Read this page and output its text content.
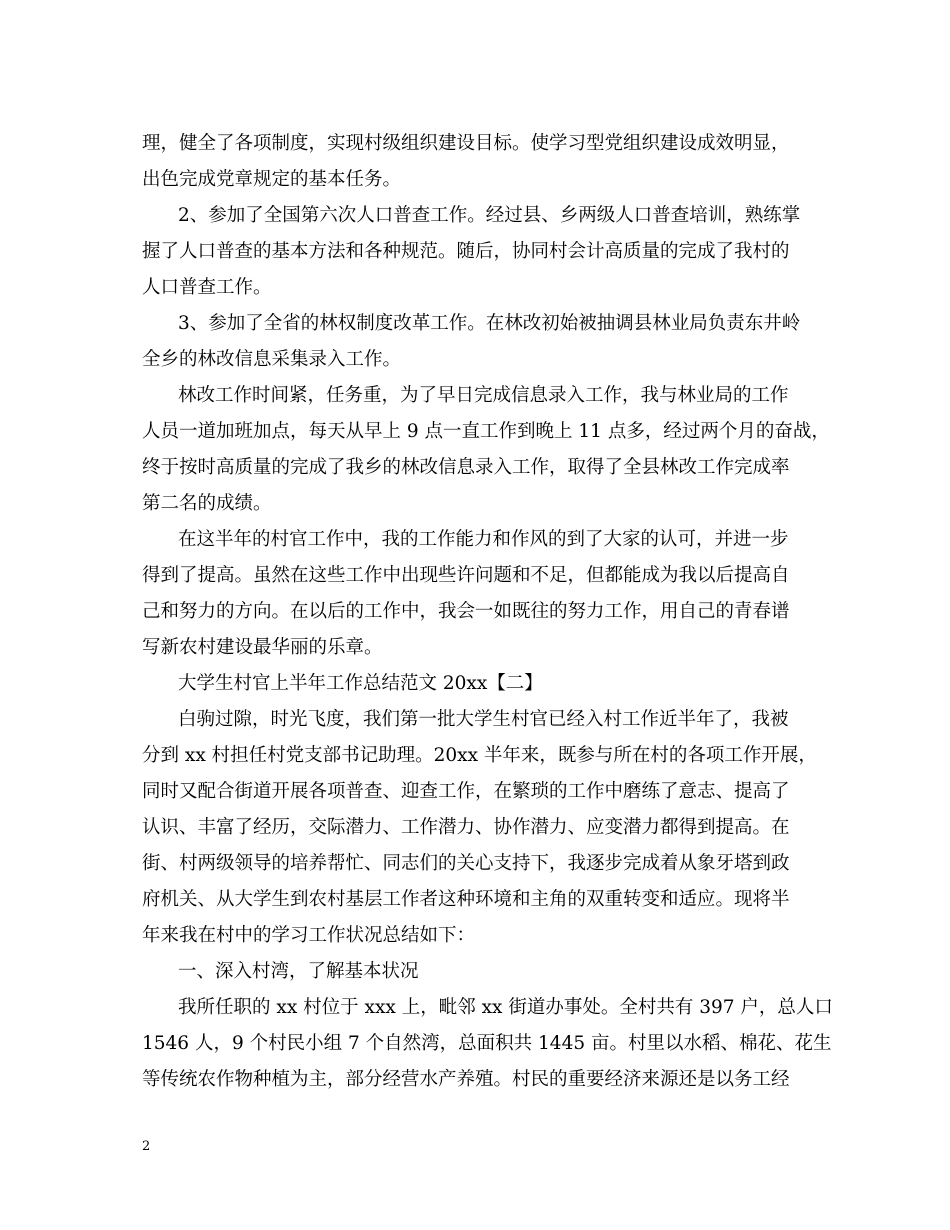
理，健全了各项制度，实现村级组织建设目标。使学习型党组织建设成效明显，
出色完成党章规定的基本任务。
2、参加了全国第六次人口普查工作。经过县、乡两级人口普查培训，熟练掌
握了人口普查的基本方法和各种规范。随后，协同村会计高质量的完成了我村的
人口普查工作。
3、参加了全省的林权制度改革工作。在林改初始被抽调县林业局负责东井岭
全乡的林改信息采集录入工作。
林改工作时间紧，任务重，为了早日完成信息录入工作，我与林业局的工作
人员一道加班加点，每天从早上 9 点一直工作到晚上 11 点多，经过两个月的奋战，
终于按时高质量的完成了我乡的林改信息录入工作，取得了全县林改工作完成率
第二名的成绩。
在这半年的村官工作中，我的工作能力和作风的到了大家的认可，并进一步
得到了提高。虽然在这些工作中出现些许问题和不足，但都能成为我以后提高自
己和努力的方向。在以后的工作中，我会一如既往的努力工作，用自己的青春谱
写新农村建设最华丽的乐章。
大学生村官上半年工作总结范文 20xx【二】
白驹过隙，时光飞度，我们第一批大学生村官已经入村工作近半年了，我被
分到 xx 村担任村党支部书记助理。20xx 半年来，既参与所在村的各项工作开展，
同时又配合街道开展各项普查、迎查工作，在繁琐的工作中磨练了意志、提高了
认识、丰富了经历，交际潜力、工作潜力、协作潜力、应变潜力都得到提高。在
街、村两级领导的培养帮忙、同志们的关心支持下，我逐步完成着从象牙塔到政
府机关、从大学生到农村基层工作者这种环境和主角的双重转变和适应。现将半
年来我在村中的学习工作状况总结如下：
一、深入村湾，了解基本状况
我所任职的 xx 村位于 xxx 上，毗邻 xx 街道办事处。全村共有 397 户，总人口
1546 人，9 个村民小组 7 个自然湾，总面积共 1445 亩。村里以水稻、棉花、花生
等传统农作物种植为主，部分经营水产养殖。村民的重要经济来源还是以务工经
2
